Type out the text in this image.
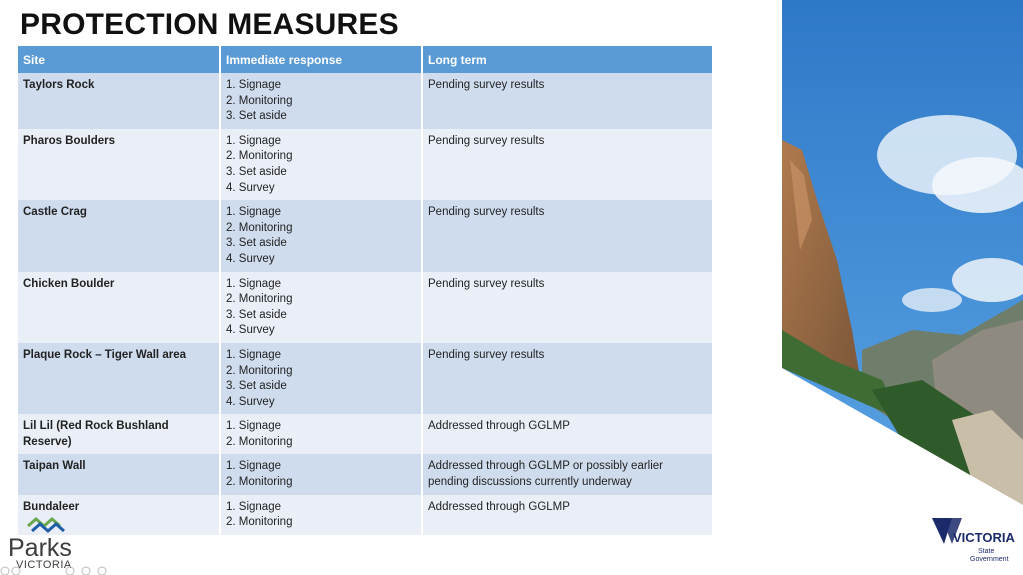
PROTECTION MEASURES
Site	Immediate response	Long term
Taylors Rock	1. Signage
2. Monitoring
3. Set aside	Pending survey results
Pharos Boulders	1. Signage
2. Monitoring
3. Set aside
4. Survey	Pending survey results
Castle Crag	1. Signage
2. Monitoring
3. Set aside
4. Survey	Pending survey results
Chicken Boulder	1. Signage
2. Monitoring
3. Set aside
4. Survey	Pending survey results
Plaque Rock – Tiger Wall area	1. Signage
2. Monitoring
3. Set aside
4. Survey	Pending survey results
Lil Lil (Red Rock Bushland Reserve)	1. Signage
2. Monitoring	Addressed through GGLMP
Taipan Wall	1. Signage
2. Monitoring	Addressed through GGLMP or possibly earlier
pending discussions currently underway
Bundaleer	1. Signage
2. Monitoring	Addressed through GGLMP
Parks
VICTORIA
VICTORIA
State
Government
